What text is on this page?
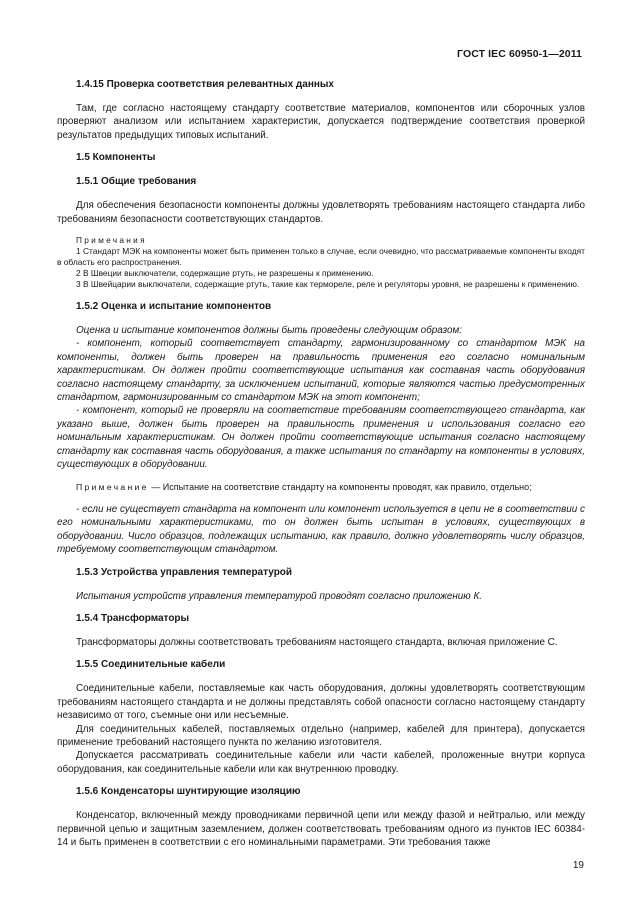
ГОСТ IEC 60950-1—2011
1.4.15 Проверка соответствия релевантных данных

Там, где согласно настоящему стандарту соответствие материалов, компонентов или сборочных узлов проверяют анализом или испытанием характеристик, допускается подтверждение соответствия проверкой результатов предыдущих типовых испытаний.

1.5 Компоненты
1.5.1 Общие требования

Для обеспечения безопасности компоненты должны удовлетворять требованиям настоящего стандарта либо требованиям безопасности соответствующих стандартов.

Примечания

1 Стандарт МЭК на компоненты может быть применен только в случае, если очевидно, что рассматриваемые компоненты входят в область его распространения.

2 В Швеции выключатели, содержащие ртуть, не разрешены к применению.

3 В Швейцарии выключатели, содержащие ртуть, такие как термореле, реле и регуляторы уровня, не разрешены к применению.

1.5.2 Оценка и испытание компонентов

Оценка и испытание компонентов должны быть проведены следующим образом:

- компонент, который соответствует стандарту, гармонизированному со стандартом МЭК на компоненты, должен быть проверен на правильность применения его согласно номинальным характеристикам. Он должен пройти соответствующие испытания как составная часть оборудования согласно настоящему стандарту, за исключением испытаний, которые являются частью предусмотренных стандартом, гармонизированным со стандартом МЭК на этот компонент;

- компонент, который не проверяли на соответствие требованиям соответствующего стандарта, как указано выше, должен быть проверен на правильность применения и использования согласно его номинальным характеристикам. Он должен пройти соответствующие испытания согласно настоящему стандарту как составная часть оборудования, а также испытания по стандарту на компоненты в условиях, существующих в оборудовании.

Примечание — Испытание на соответствие стандарту на компоненты проводят, как правило, отдельно;

- если не существует стандарта на компонент или компонент используется в цепи не в соответствии с его номинальными характеристиками, то он должен быть испытан в условиях, существующих в оборудовании. Число образцов, подлежащих испытанию, как правило, должно удовлетворять числу образцов, требуемому соответствующим стандартом.

1.5.3 Устройства управления температурой

Испытания устройств управления температурой проводят согласно приложению К.

1.5.4 Трансформаторы

Трансформаторы должны соответствовать требованиям настоящего стандарта, включая приложение С.

1.5.5 Соединительные кабели

Соединительные кабели, поставляемые как часть оборудования, должны удовлетворять соответствующим требованиям настоящего стандарта и не должны представлять собой опасности согласно настоящему стандарту независимо от того, съемные они или несъемные.

Для соединительных кабелей, поставляемых отдельно (например, кабелей для принтера), допускается применение требований настоящего пункта по желанию изготовителя.

Допускается рассматривать соединительные кабели или части кабелей, проложенные внутри корпуса оборудования, как соединительные кабели или как внутреннюю проводку.

1.5.6 Конденсаторы шунтирующие изоляцию

Конденсатор, включенный между проводниками первичной цепи или между фазой и нейтралью, или между первичной цепью и защитным заземлением, должен соответствовать требованиям одного из пунктов IEC 60384-14 и быть применен в соответствии с его номинальными параметрами. Эти требования также

19
